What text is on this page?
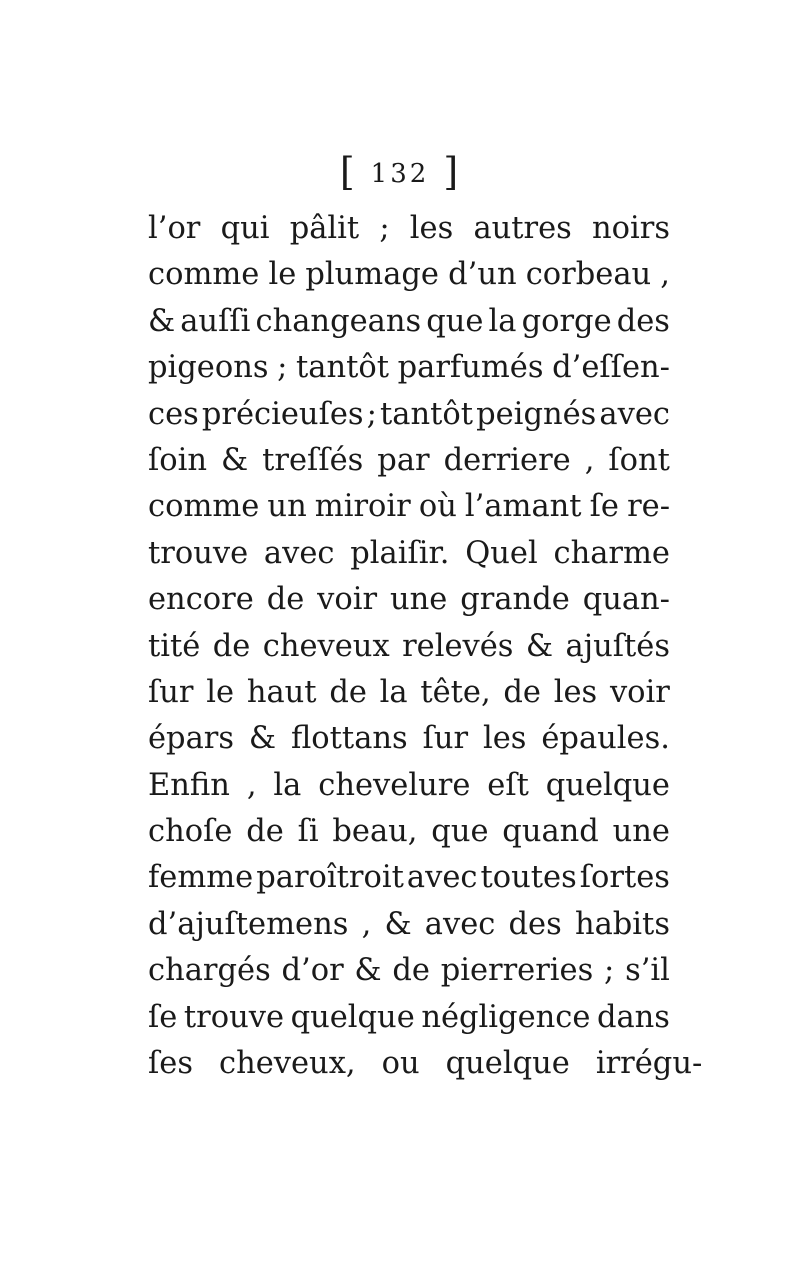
[ 132 ]
l’or qui pâlit ; les autres noirs
comme le plumage d’un corbeau ,
& auſſi changeans que la gorge des
pigeons ; tantôt parfumés d’eſſen-
ces précieuſes ; tantôt peignés avec
ſoin & treſſés par derriere , ſont
comme un miroir où l’amant ſe re-
trouve avec plaiſir. Quel charme
encore de voir une grande quan-
tité de cheveux relevés & ajuſtés
ſur le haut de la tête, de les voir
épars & flottans ſur les épaules.
Enfin , la chevelure eſt quelque
choſe de ſi beau, que quand une
femme paroîtroit avec toutes ſortes
d’ajuſtemens , & avec des habits
chargés d’or & de pierreries ; s’il
ſe trouve quelque négligence dans
ſes cheveux, ou quelque irrégu-
